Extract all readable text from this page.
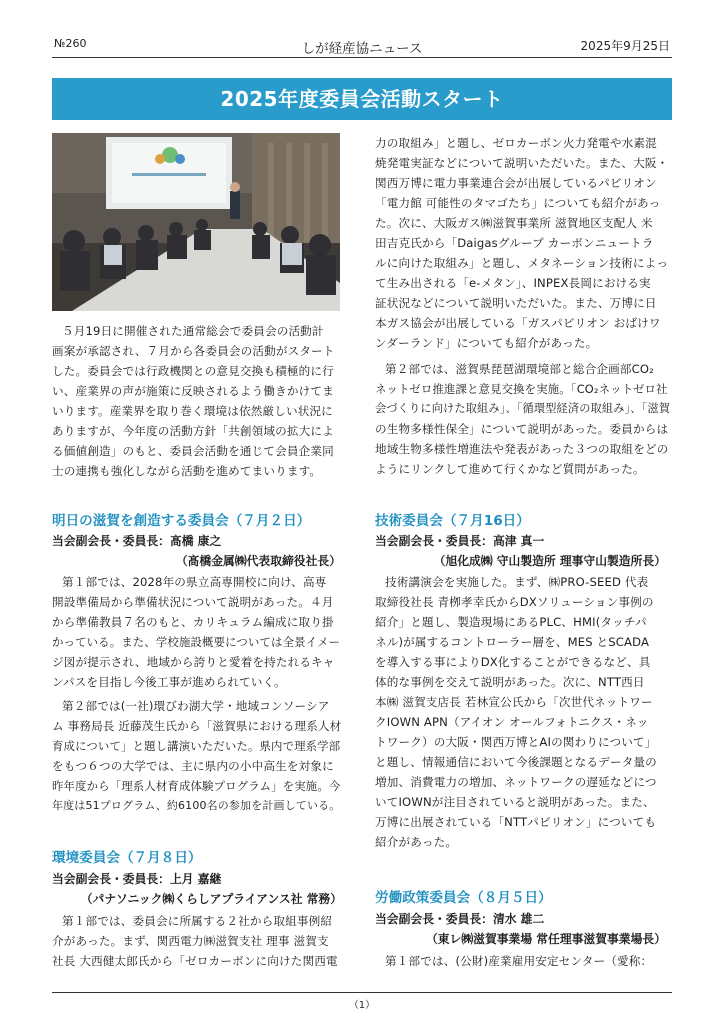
№260	しが経産協ニュース	2025年9月25日
2025年度委員会活動スタート
５月19日に開催された通常総会で委員会の活動計
画案が承認され、７月から各委員会の活動がスタート
した。委員会では行政機関との意見交換も積極的に行
い、産業界の声が施策に反映されるよう働きかけてま
いります。産業界を取り巻く環境は依然厳しい状況に
ありますが、今年度の活動方針「共創領域の拡大によ
る価値創造」のもと、委員会活動を通じて会員企業同
士の連携も強化しながら活動を進めてまいります。
明日の滋賀を創造する委員会（７月２日）
当会副会長・委員長：髙橋 康之
（髙橋金属㈱代表取締役社長）
第１部では、2028年の県立高専開校に向け、高専
開設準備局から準備状況について説明があった。４月
から準備教員７名のもと、カリキュラム編成に取り掛
かっている。また、学校施設概要については全景イメー
ジ図が提示され、地域から誇りと愛着を持たれるキャ
ンパスを目指し今後工事が進められていく。
第２部では(一社)環びわ湖大学・地域コンソーシア
ム 事務局長 近藤茂生氏から「滋賀県における理系人材
育成について」と題し講演いただいた。県内で理系学部
をもつ６つの大学では、主に県内の小中高生を対象に
昨年度から「理系人材育成体験プログラム」を実施。今
年度は51プログラム、約6100名の参加を計画している。
環境委員会（７月８日）
当会副会長・委員長：上月 嘉継
（パナソニック㈱くらしアプライアンス社 常務）
第１部では、委員会に所属する２社から取組事例紹
介があった。まず、関西電力㈱滋賀支社 理事 滋賀支
社長 大西健太郎氏から「ゼロカーボンに向けた関西電
力の取組み」と題し、ゼロカーボン火力発電や水素混
焼発電実証などについて説明いただいた。また、大阪・
関西万博に電力事業連合会が出展しているパビリオン
「電力館 可能性のタマゴたち」についても紹介があっ
た。次に、大阪ガス㈱滋賀事業所 滋賀地区支配人 米
田吉克氏から「Daigasグループ カーボンニュートラ
ルに向けた取組み」と題し、メタネーション技術によっ
て生み出される「e-メタン」、INPEX長岡における実
証状況などについて説明いただいた。また、万博に日
本ガス協会が出展している「ガスパビリオン おばけワ
ンダーランド」についても紹介があった。
第２部では、滋賀県琵琶湖環境部と総合企画部CO₂
ネットゼロ推進課と意見交換を実施。「CO₂ネットゼロ社
会づくりに向けた取組み」、「循環型経済の取組み」、「滋賀
の生物多様性保全」について説明があった。委員からは
地域生物多様性増進法や発表があった３つの取組をどの
ようにリンクして進めて行くかなど質問があった。
技術委員会（７月16日）
当会副会長・委員長：高津 真一
（旭化成㈱ 守山製造所 理事守山製造所長）
技術講演会を実施した。まず、㈱PRO-SEED 代表
取締役社長 青栁孝幸氏からDXソリューション事例の
紹介」と題し、製造現場にあるPLC、HMI(タッチパ
ネル)が属するコントローラー層を、MES とSCADA
を導入する事によりDX化することができるなど、具
体的な事例を交えて説明があった。次に、NTT西日
本㈱ 滋賀支店長 若林宣公氏から「次世代ネットワー
クIOWN APN（アイオン オールフォトニクス・ネッ
トワーク）の大阪・関西万博とAIの関わりについて」
と題し、情報通信において今後課題となるデータ量の
増加、消費電力の増加、ネットワークの遅延などにつ
いてIOWNが注目されていると説明があった。また、
万博に出展されている「NTTパビリオン」についても
紹介があった。
労働政策委員会（８月５日）
当会副会長・委員長：清水 雄二
（東レ㈱滋賀事業場 常任理事滋賀事業場長）
第１部では、(公財)産業雇用安定センター（愛称：
（1）
